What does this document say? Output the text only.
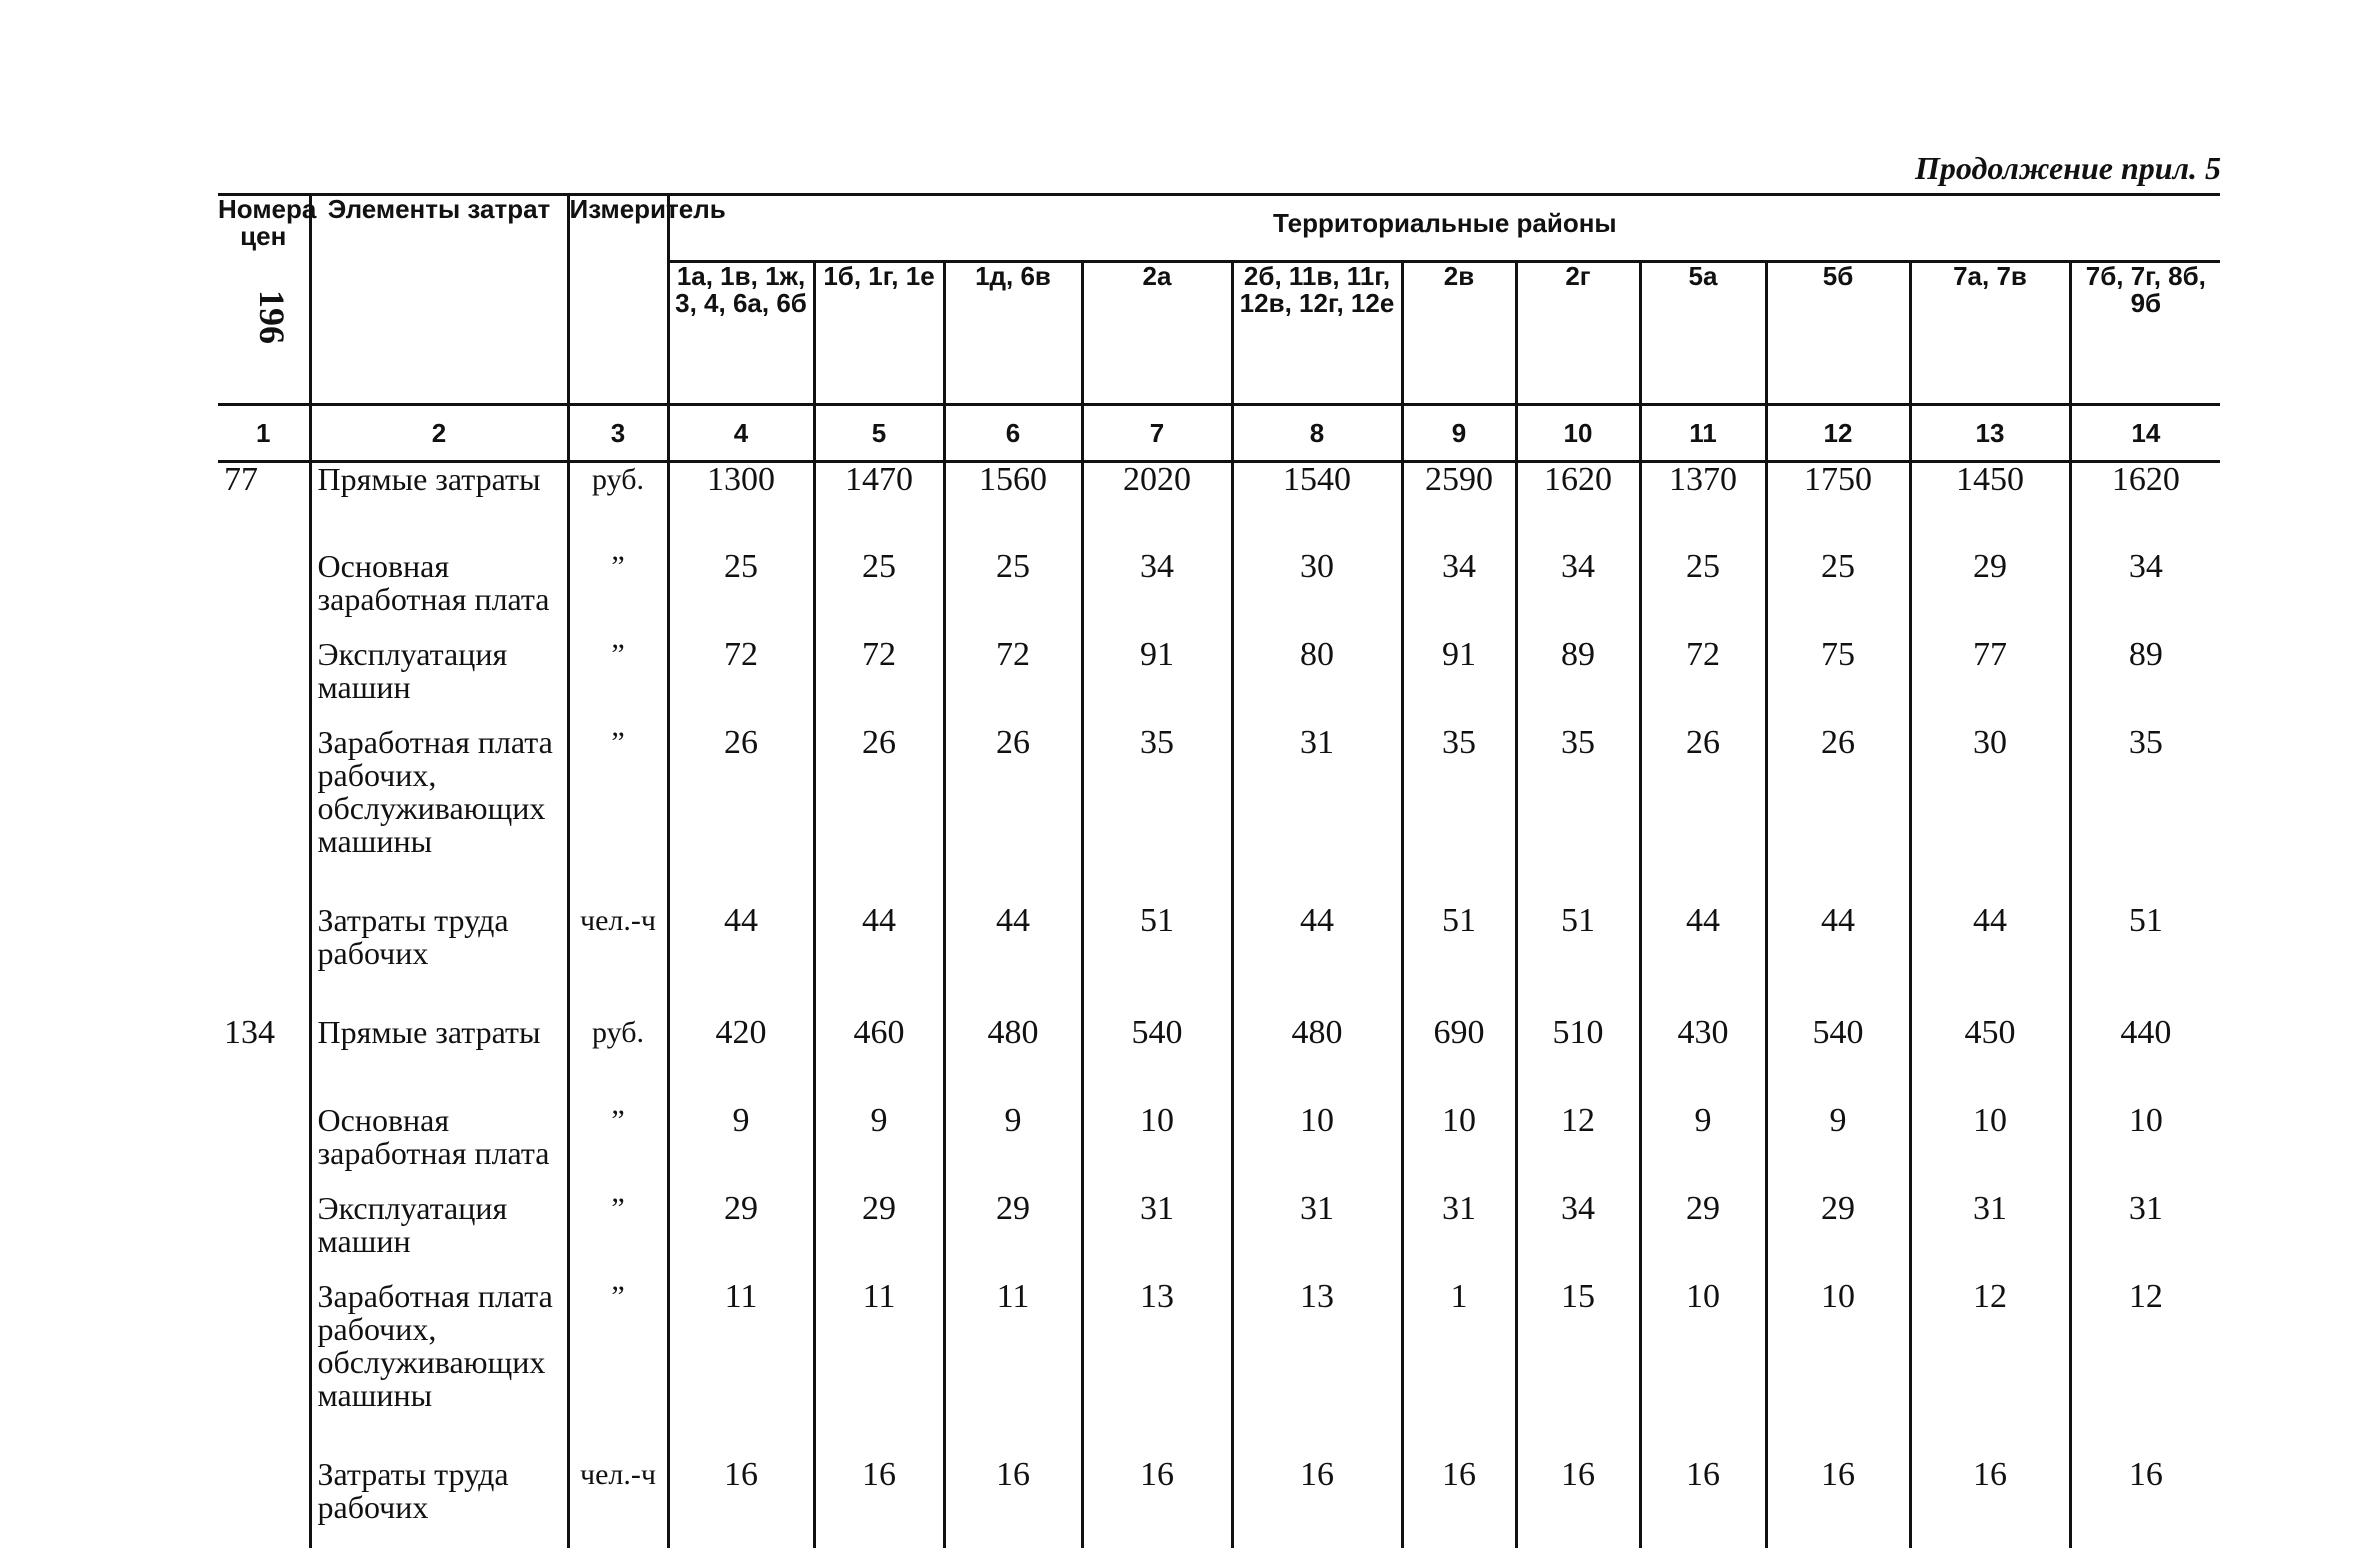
196
Продолжение прил. 5
Номера цен	Элементы затрат	Измеритель	Территориальные районы										
			1а, 1в, 1ж, 3, 4, 6а, 6б	1б, 1г, 1е	1д, 6в	2а	2б, 11в, 11г, 12в, 12г, 12е	2в	2г	5а	5б	7а, 7в	7б, 7г, 8б, 9б
1	2	3	4	5	6	7	8	9	10	11	12	13	14
77	Прямые затраты	руб.	1300	1470	1560	2020	1540	2590	1620	1370	1750	1450	1620
	Основная заработная плата	”	25	25	25	34	30	34	34	25	25	29	34
	Эксплуатация машин	”	72	72	72	91	80	91	89	72	75	77	89
	Заработная плата рабочих, обслуживающих машины	”	26	26	26	35	31	35	35	26	26	30	35
	Затраты труда рабочих	чел.-ч	44	44	44	51	44	51	51	44	44	44	51
134	Прямые затраты	руб.	420	460	480	540	480	690	510	430	540	450	440
	Основная заработная плата	”	9	9	9	10	10	10	12	9	9	10	10
	Эксплуатация машин	”	29	29	29	31	31	31	34	29	29	31	31
	Заработная плата рабочих, обслуживающих машины	”	11	11	11	13	13	1	15	10	10	12	12
	Затраты труда рабочих	чел.-ч	16	16	16	16	16	16	16	16	16	16	16
